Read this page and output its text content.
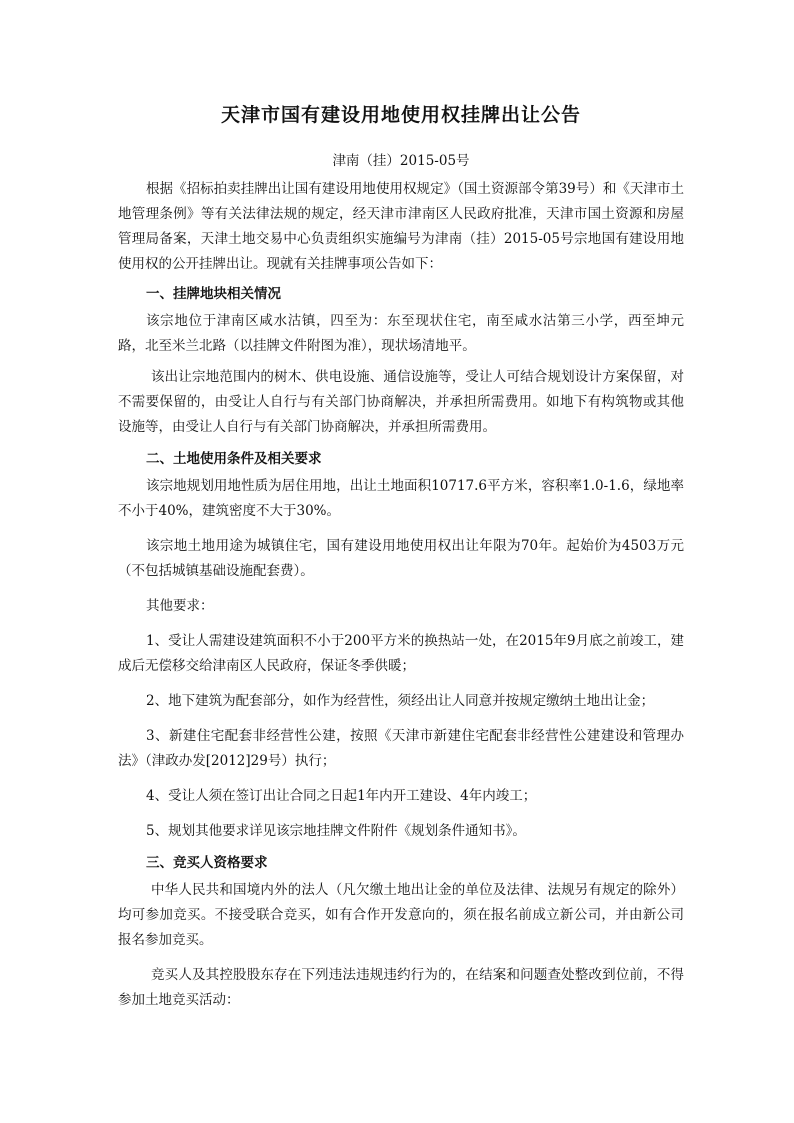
天津市国有建设用地使用权挂牌出让公告
津南（挂）2015-05号

根据《招标拍卖挂牌出让国有建设用地使用权规定》（国土资源部令第39号）和《天津市土地管理条例》等有关法律法规的规定，经天津市津南区人民政府批准，天津市国土资源和房屋管理局备案，天津土地交易中心负责组织实施编号为津南（挂）2015-05号宗地国有建设用地使用权的公开挂牌出让。现就有关挂牌事项公告如下：

一、挂牌地块相关情况

该宗地位于津南区咸水沽镇，四至为：东至现状住宅，南至咸水沽第三小学，西至坤元路，北至米兰北路（以挂牌文件附图为准），现状场清地平。

该出让宗地范围内的树木、供电设施、通信设施等，受让人可结合规划设计方案保留，对不需要保留的，由受让人自行与有关部门协商解决，并承担所需费用。如地下有构筑物或其他设施等，由受让人自行与有关部门协商解决，并承担所需费用。

二、土地使用条件及相关要求

该宗地规划用地性质为居住用地，出让土地面积10717.6平方米，容积率1.0-1.6，绿地率不小于40%，建筑密度不大于30%。

该宗地土地用途为城镇住宅，国有建设用地使用权出让年限为70年。起始价为4503万元（不包括城镇基础设施配套费）。

其他要求：

1、受让人需建设建筑面积不小于200平方米的换热站一处，在2015年9月底之前竣工，建成后无偿移交给津南区人民政府，保证冬季供暖；

2、地下建筑为配套部分，如作为经营性，须经出让人同意并按规定缴纳土地出让金；

3、新建住宅配套非经营性公建，按照《天津市新建住宅配套非经营性公建建设和管理办法》（津政办发[2012]29号）执行；

4、受让人须在签订出让合同之日起1年内开工建设、4年内竣工；

5、规划其他要求详见该宗地挂牌文件附件《规划条件通知书》。

三、竞买人资格要求

中华人民共和国境内外的法人（凡欠缴土地出让金的单位及法律、法规另有规定的除外）均可参加竞买。不接受联合竞买，如有合作开发意向的，须在报名前成立新公司，并由新公司报名参加竞买。

竞买人及其控股股东存在下列违法违规违约行为的，在结案和问题查处整改到位前，不得参加土地竞买活动：
